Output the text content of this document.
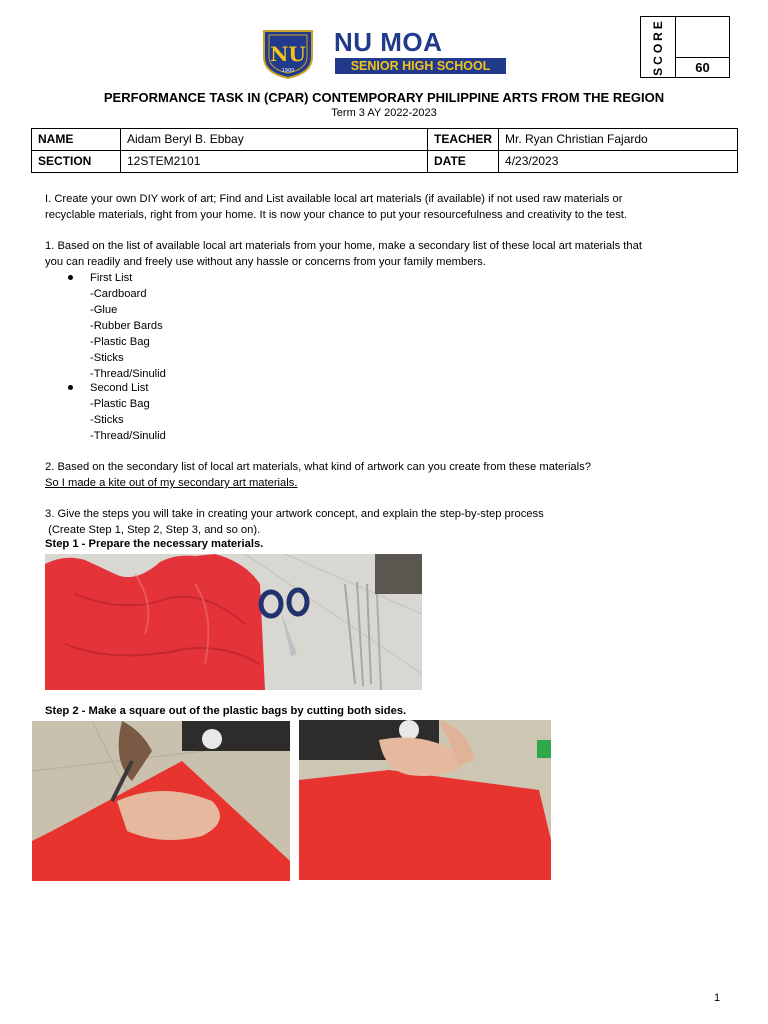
NU
1900
NU MOA
SENIOR HIGH SCHOOL	SCORE	60
PERFORMANCE TASK IN (CPAR) CONTEMPORARY PHILIPPINE ARTS FROM THE REGION
Term 3 AY 2022-2023
NAME	Aidam Beryl B. Ebbay	TEACHER	Mr. Ryan Christian Fajardo
SECTION	12STEM2101	DATE	4/23/2023
I. Create your own DIY work of art; Find and List available local art materials (if available) if not used raw materials or
recyclable materials, right from your home. It is now your chance to put your resourcefulness and creativity to the test.
1. Based on the list of available local art materials from your home, make a secondary list of these local art materials that
you can readily and freely use without any hassle or concerns from your family members.
First List
-Cardboard
-Glue
-Rubber Bards
-Plastic Bag
-Sticks
-Thread/Sinulid
Second List
-Plastic Bag
-Sticks
-Thread/Sinulid
2. Based on the secondary list of local art materials, what kind of artwork can you create from these materials?
So I made a kite out of my secondary art materials.
3. Give the steps you will take in creating your artwork concept, and explain the step-by-step process
(Create Step 1, Step 2, Step 3, and so on).
Step 1 - Prepare the necessary materials.
Step 2 - Make a square out of the plastic bags by cutting both sides.
1
